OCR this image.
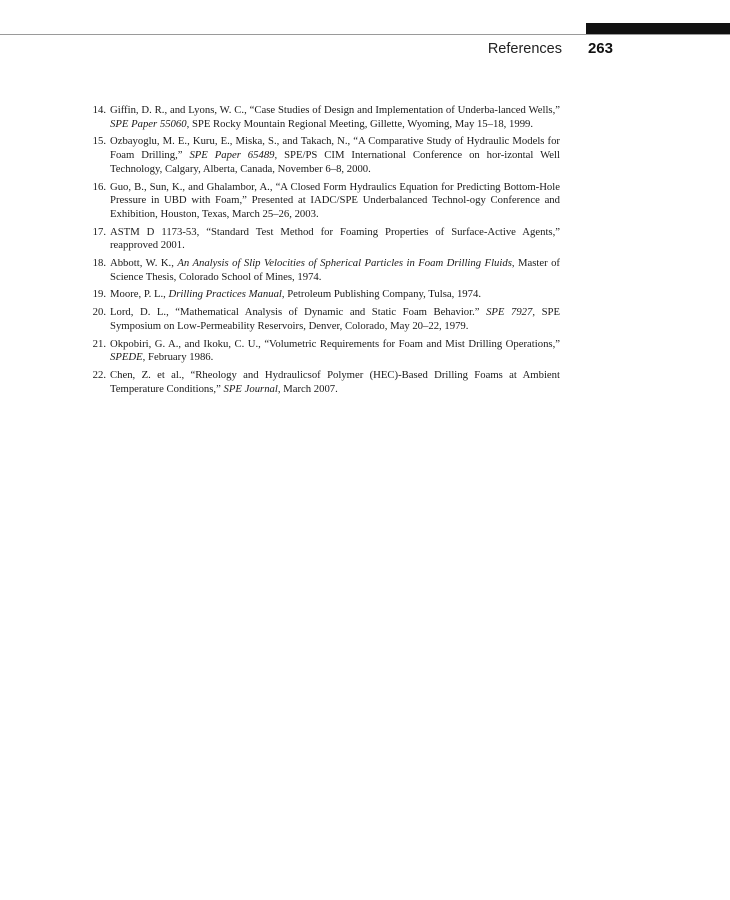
References 263
14. Giffin, D. R., and Lyons, W. C., “Case Studies of Design and Implementation of Underba-lanced Wells,” SPE Paper 55060, SPE Rocky Mountain Regional Meeting, Gillette, Wyoming, May 15–18, 1999.
15. Ozbayoglu, M. E., Kuru, E., Miska, S., and Takach, N., “A Comparative Study of Hydraulic Models for Foam Drilling,” SPE Paper 65489, SPE/PS CIM International Conference on hor-izontal Well Technology, Calgary, Alberta, Canada, November 6–8, 2000.
16. Guo, B., Sun, K., and Ghalambor, A., “A Closed Form Hydraulics Equation for Predicting Bottom-Hole Pressure in UBD with Foam,” Presented at IADC/SPE Underbalanced Technol-ogy Conference and Exhibition, Houston, Texas, March 25–26, 2003.
17. ASTM D 1173-53, “Standard Test Method for Foaming Properties of Surface-Active Agents,” reapproved 2001.
18. Abbott, W. K., An Analysis of Slip Velocities of Spherical Particles in Foam Drilling Fluids, Master of Science Thesis, Colorado School of Mines, 1974.
19. Moore, P. L., Drilling Practices Manual, Petroleum Publishing Company, Tulsa, 1974.
20. Lord, D. L., “Mathematical Analysis of Dynamic and Static Foam Behavior.” SPE 7927, SPE Symposium on Low-Permeability Reservoirs, Denver, Colorado, May 20–22, 1979.
21. Okpobiri, G. A., and Ikoku, C. U., “Volumetric Requirements for Foam and Mist Drilling Operations,” SPEDE, February 1986.
22. Chen, Z. et al., “Rheology and Hydraulicsof Polymer (HEC)-Based Drilling Foams at Ambient Temperature Conditions,” SPE Journal, March 2007.
